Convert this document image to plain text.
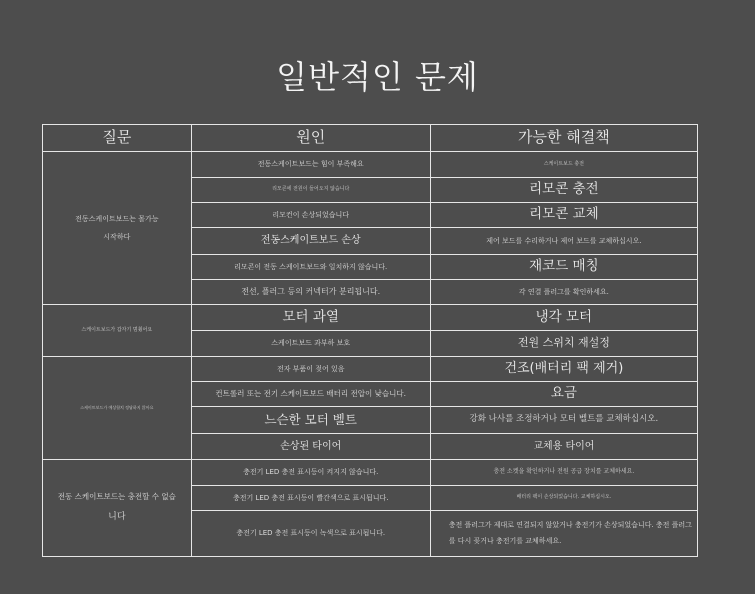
일반적인 문제
질문	원인	가능한 해결책

전동스케이트보드는 몰가능
시작하다	전동스케이트보드는 힘이 부족해요	스케이트보드 충전
	리모콘에 전원이 들어오지 않습니다	리모콘 충전
	리모컨이 손상되었습니다	리모콘 교체
	전동스케이트보드 손상	제어 보드를 수리하거나 제어 보드를 교체하십시오.
	리모콘이 전동 스케이트보드와 일치하지 않습니다.	재코드 매칭
	전선, 플러그 등의 커넥터가 분리됩니다.	각 연결 플러그를 확인하세요.

스케이트보드가 갑자기 멈췄어요	모터 과열	냉각 모터
	스케이트보드 과부하 보호	전원 스위치 재설정

스케이트보드가 예상합치 정답하지 않아요	전자 부품이 젖어 있음	건조(배터리 팩 제거)
	컨트롤러 또는 전기 스케이트보드 배터리 전압이 낮습니다.	요금
	느슨한 모터 벨트	강화 나사를 조정하거나 모터 벨트를 교체하십시오.
	손상된 타이어	교체용 타이어

전동 스케이트보드는 충전할 수 없습
니다	충전기 LED 충전 표시등이 켜지지 않습니다.	충전 소켓을 확인하거나 전원 공급 장치를 교체하세요.
	충전기 LED 충전 표시등이 빨간색으로 표시됩니다.	배터리 팩이 손상되었습니다. 교체하십시오.
	충전기 LED 충전 표시등이 녹색으로 표시됩니다.	충전 플러그가 제대로 연결되지 않았거나 충전기가 손상되었습니다. 충전 플러그를 다시 꽂거나 충전기를 교체하세요.
